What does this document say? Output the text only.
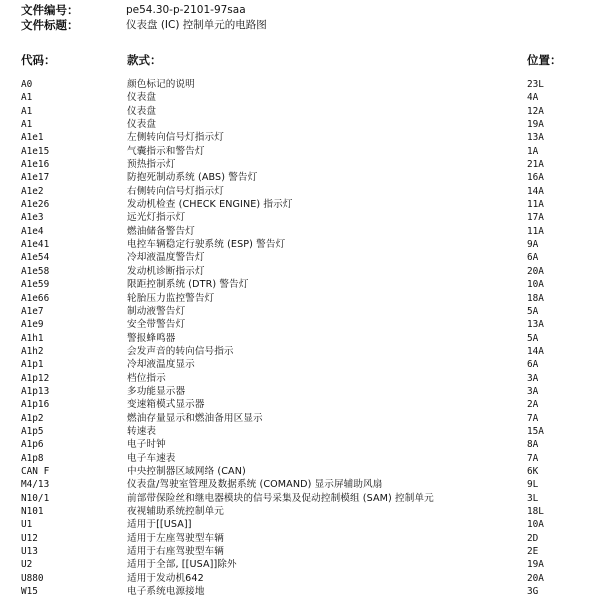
文件编号：	pe54.30-p-2101-97saa
文件标题：	仪表盘 (IC) 控制单元的电路图
代码：	款式：	位置：
A0	颜色标记的说明	23L
A1	仪表盘	4A
A1	仪表盘	12A
A1	仪表盘	19A
A1e1	左侧转向信号灯指示灯	13A
A1e15	气囊指示和警告灯	1A
A1e16	预热指示灯	21A
A1e17	防抱死制动系统 (ABS) 警告灯	16A
A1e2	右侧转向信号灯指示灯	14A
A1e26	发动机检查 (CHECK ENGINE) 指示灯	11A
A1e3	远光灯指示灯	17A
A1e4	燃油储备警告灯	11A
A1e41	电控车辆稳定行驶系统 (ESP) 警告灯	9A
A1e54	冷却液温度警告灯	6A
A1e58	发动机诊断指示灯	20A
A1e59	限距控制系统 (DTR) 警告灯	10A
A1e66	轮胎压力监控警告灯	18A
A1e7	制动液警告灯	5A
A1e9	安全带警告灯	13A
A1h1	警报蜂鸣器	5A
A1h2	会发声音的转向信号指示	14A
A1p1	冷却液温度显示	6A
A1p12	档位指示	3A
A1p13	多功能显示器	3A
A1p16	变速箱模式显示器	2A
A1p2	燃油存量显示和燃油备用区显示	7A
A1p5	转速表	15A
A1p6	电子时钟	8A
A1p8	电子车速表	7A
CAN F	中央控制器区域网络 (CAN)	6K
M4/13	仪表盘/驾驶室管理及数据系统 (COMAND) 显示屏辅助风扇	9L
N10/1	前部带保险丝和继电器模块的信号采集及促动控制模组 (SAM) 控制单元	3L
N101	夜视辅助系统控制单元	18L
U1	适用于[[USA]]	10A
U12	适用于左座驾驶型车辆	2D
U13	适用于右座驾驶型车辆	2E
U2	适用于全部, [[USA]]除外	19A
U880	适用于发动机642	20A
W15	电子系统电源接地	3G
